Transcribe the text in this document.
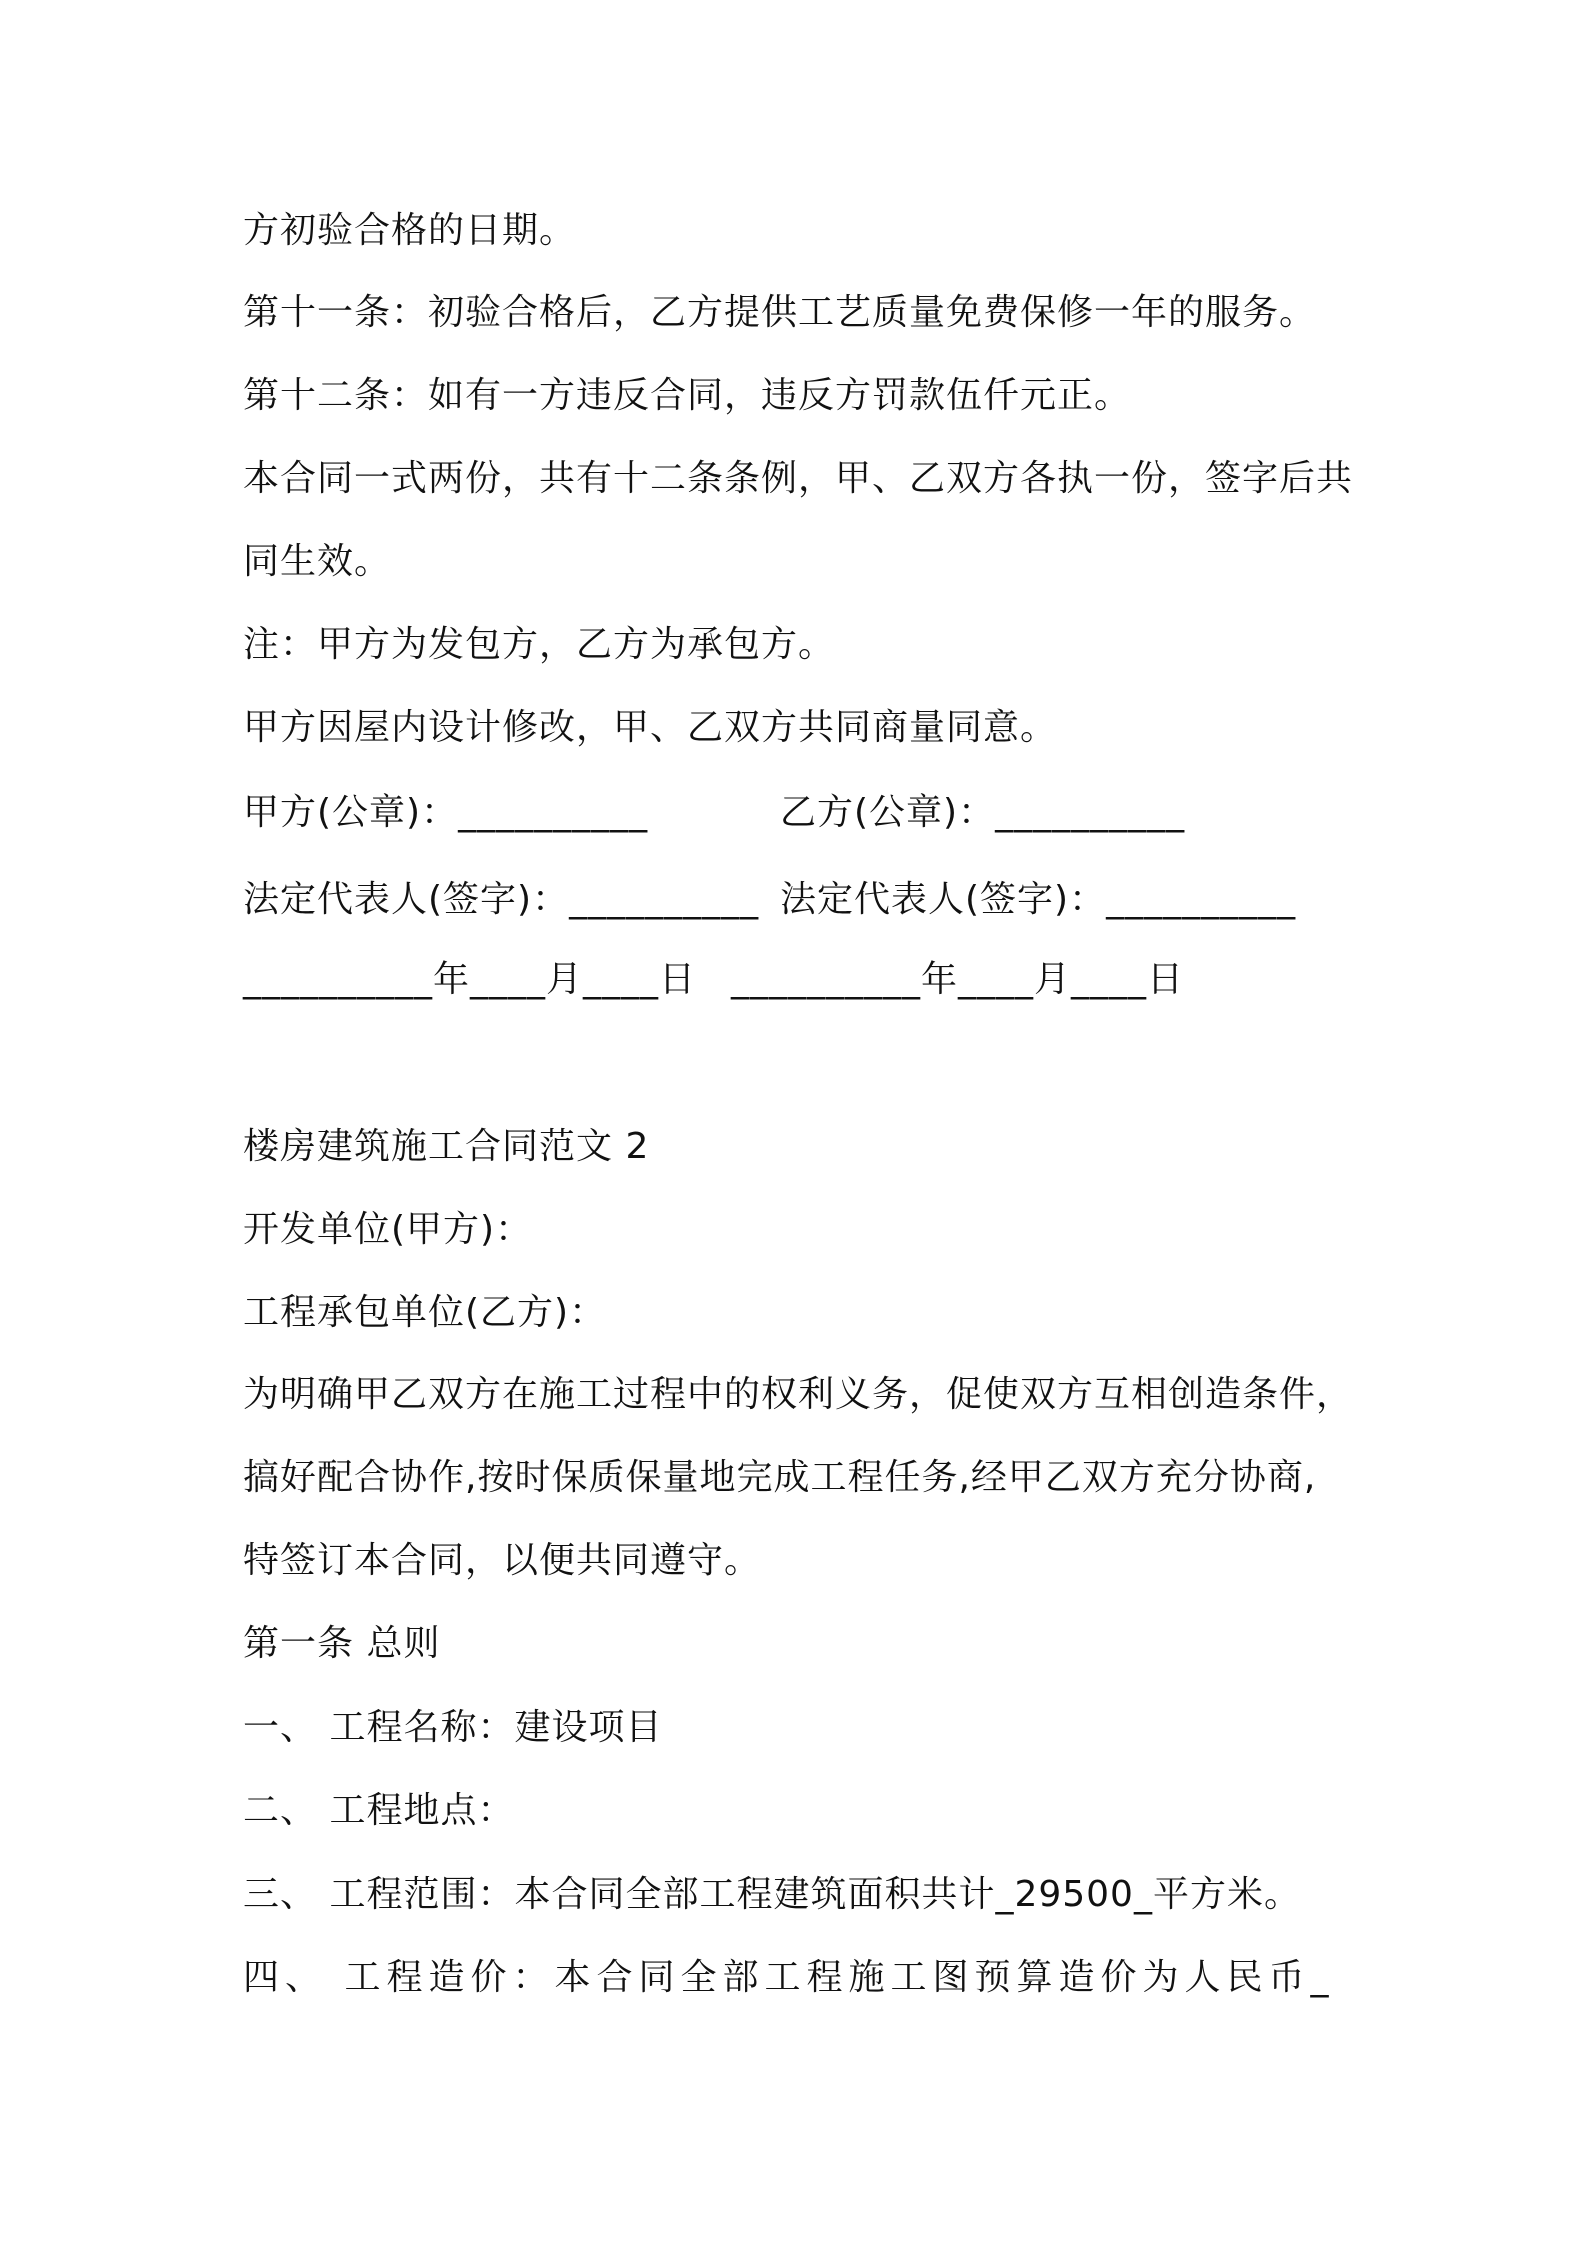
方初验合格的日期。
第十一条：初验合格后，乙方提供工艺质量免费保修一年的服务。
第十二条：如有一方违反合同，违反方罚款伍仟元正。
本合同一式两份，共有十二条条例，甲、乙双方各执一份，签字后共
同生效。
注：甲方为发包方，乙方为承包方。
甲方因屋内设计修改，甲、乙双方共同商量同意。
甲方(公章)：__________	乙方(公章)：__________
法定代表人(签字)：__________ 法定代表人(签字)：__________
__________年____月____日 __________年____月____日
楼房建筑施工合同范文 2
开发单位(甲方)：
工程承包单位(乙方)：
为明确甲乙双方在施工过程中的权利义务，促使双方互相创造条件，
搞好配合协作,按时保质保量地完成工程任务,经甲乙双方充分协商,
特签订本合同，以便共同遵守。
第一条 总则
一、 工程名称：建设项目
二、 工程地点：
三、 工程范围：本合同全部工程建筑面积共计_29500_平方米。
四、 工程造价：本合同全部工程施工图预算造价为人民币_
